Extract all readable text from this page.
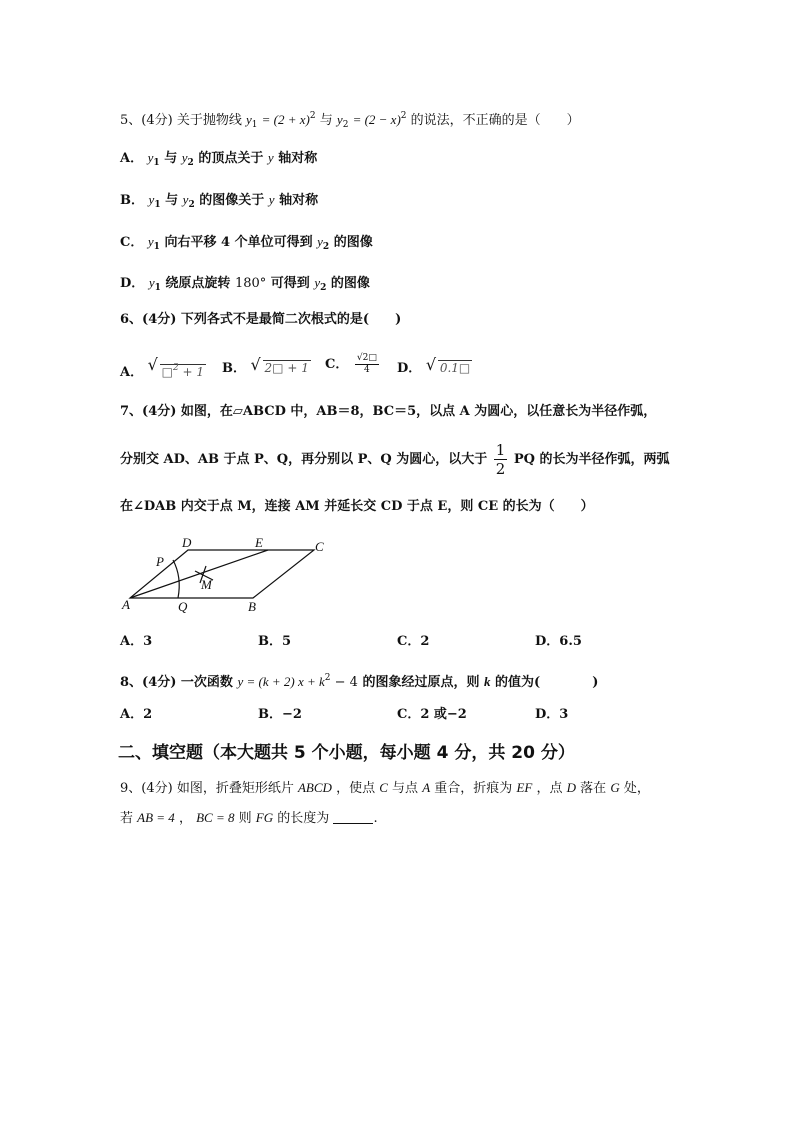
5、(4分) 关于抛物线 $y_1 = (2 + x)^2$ 与 $y_2 = (2 - x)^2$ 的说法，不正确的是（　　）
A． $y_1$ 与 $y_2$ 的顶点关于 y 轴对称
B． $y_1$ 与 $y_2$ 的图像关于 y 轴对称
C． $y_1$ 向右平移 4 个单位可得到 $y_2$ 的图像
D． $y_1$ 绕原点旋转 180° 可得到 $y_2$ 的图像
6、(4分) 下列各式不是最简二次根式的是(　　)
A． √ □$^2$ + 1 B． √ 2□ + 1 C． $\frac{√2□}{4}$ D． √ 0.1□
7、(4分) 如图，在▱ABCD 中，AB＝8，BC＝5，以点 A 为圆心，以任意长为半径作弧，
分别交 AD、AB 于点 P、Q，再分别以 P、Q 为圆心，以大于 $\frac{1}{2}$ PQ 的长为半径作弧，两弧
在∠DAB 内交于点 M，连接 AM 并延长交 CD 于点 E，则 CE 的长为（　　）
D	E	C
P
M
A	Q	B
A．3	B．5	C．2	D．6.5
8、(4分) 一次函数 y = (k + 2) $x + k^2 - 4$ 的图象经过原点，则 k 的值为(　　　　)
A．2	B．−2	C．2 或−2	D．3
二、填空题（本大题共 5 个小题，每小题 4 分，共 20 分）
9、(4分) 如图，折叠矩形纸片 ABCD ，使点 C 与点 A 重合，折痕为 EF ，点 D 落在 G 处，
若 AB = 4 ， BC = 8 则 FG 的长度为	.
